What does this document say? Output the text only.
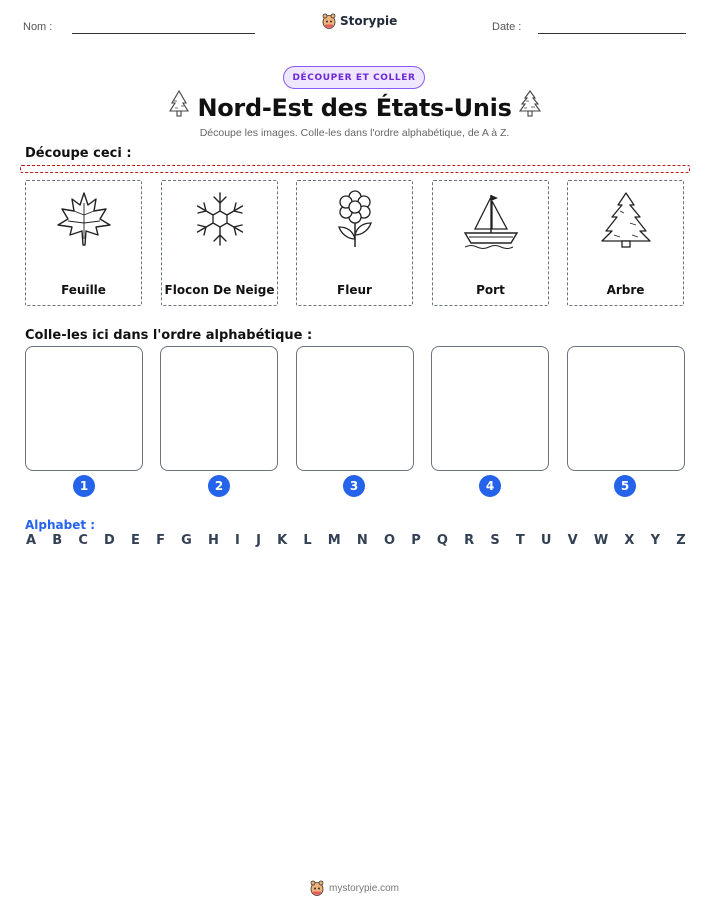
Nom :	Storypie	Date :
DÉCOUPER ET COLLER
Nord-Est des États-Unis
Découpe les images. Colle-les dans l'ordre alphabétique, de A à Z.
Découpe ceci :
Feuille	Flocon De Neige	Fleur	Port	Arbre
Colle-les ici dans l'ordre alphabétique :
1	2	3	4	5
Alphabet :
A B C D E F G H I J K L M N O P Q R S T U V W X Y Z
mystorypie.com
